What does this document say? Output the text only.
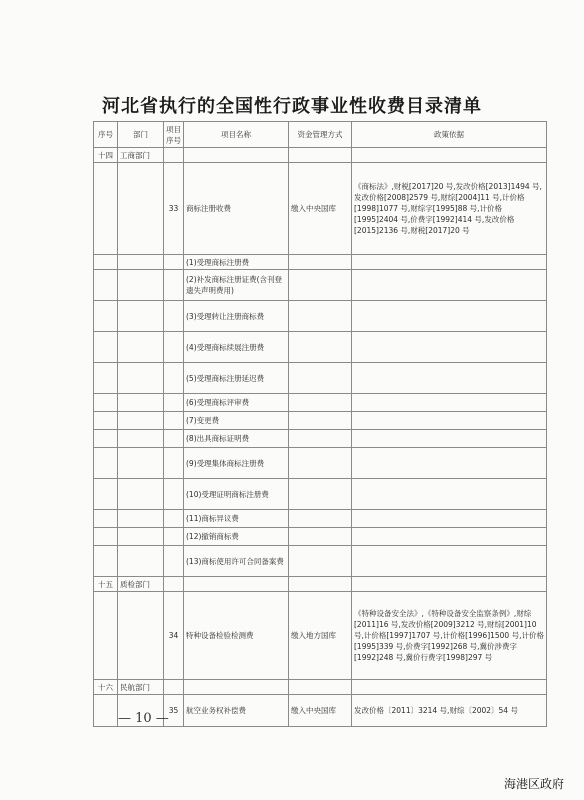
河北省执行的全国性行政事业性收费目录清单
序号	部门	项目序号	项目名称	资金管理方式	政策依据
十四	工商部门				
		33	商标注册收费	缴入中央国库	《商标法》,财税[2017]20 号,发改价格[2013]1494 号,发改价格[2008]2579 号,财综[2004]11 号,计价格[1998]1077 号,财综字[1995]88 号,计价格[1995]2404 号,价费字[1992]414 号,发改价格[2015]2136 号,财税[2017]20 号
			(1)受理商标注册费		
			(2)补发商标注册证费(含刊登遗失声明费用)		
			(3)受理转让注册商标费		
			(4)受理商标续展注册费		
			(5)受理商标注册延迟费		
			(6)受理商标评审费		
			(7)变更费		
			(8)出具商标证明费		
			(9)受理集体商标注册费		
			(10)受理证明商标注册费		
			(11)商标异议费		
			(12)撤销商标费		
			(13)商标使用许可合同备案费		
十五	质检部门				
		34	特种设备检验检测费	缴入地方国库	《特种设备安全法》,《特种设备安全监察条例》,财综[2011]16 号,发改价格[2009]3212 号,财综[2001]10 号,计价格[1997]1707 号,计价格[1996]1500 号,计价格[1995]339 号,价费字[1992]268 号,冀价涉费字[1992]248 号,冀价行费字[1998]297 号
十六	民航部门				
		35	航空业务权补偿费	缴入中央国库	发改价格〔2011〕3214 号,财综〔2002〕54 号
— 10 —
海港区政府
